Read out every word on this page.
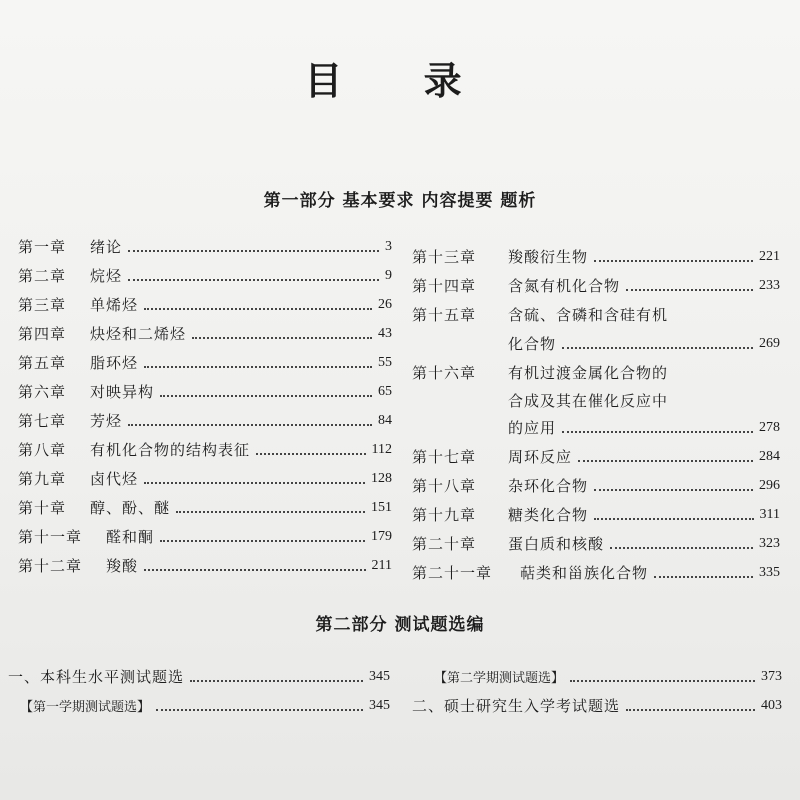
目 录
第一部分 基本要求 内容提要 题析
第一章	绪论	3
第二章	烷烃	9
第三章	单烯烃	26
第四章	炔烃和二烯烃	43
第五章	脂环烃	55
第六章	对映异构	65
第七章	芳烃	84
第八章	有机化合物的结构表征	112
第九章	卤代烃	128
第十章	醇、酚、醚	151
第十一章	醛和酮	179
第十二章	羧酸	211
第十三章	羧酸衍生物	221
第十四章	含氮有机化合物	233
第十五章	含硫、含磷和含硅有机
化合物	269
第十六章	有机过渡金属化合物的
合成及其在催化反应中
的应用	278
第十七章	周环反应	284
第十八章	杂环化合物	296
第十九章	糖类化合物	311
第二十章	蛋白质和核酸	323
第二十一章	萜类和甾族化合物	335
第二部分 测试题选编
一、本科生水平测试题选	345
【第一学期测试题选】	345
【第二学期测试题选】	373
二、硕士研究生入学考试题选	403
